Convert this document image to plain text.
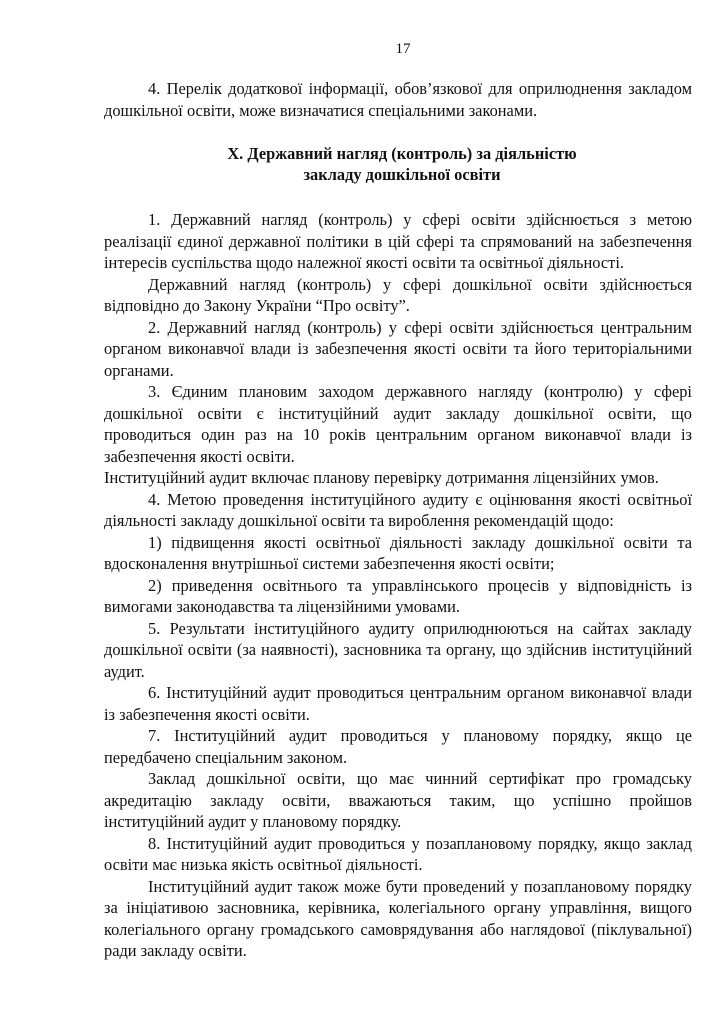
17

4. Перелік додаткової інформації, обов’язкової для оприлюднення закладом дошкільної освіти, може визначатися спеціальними законами.

X. Державний нагляд (контроль) за діяльністю
закладу дошкільної освіти

1. Державний нагляд (контроль) у сфері освіти здійснюється з метою реалізації єдиної державної політики в цій сфері та спрямований на забезпечення інтересів суспільства щодо належної якості освіти та освітньої діяльності.

Державний нагляд (контроль) у сфері дошкільної освіти здійснюється відповідно до Закону України “Про освіту”.

2. Державний нагляд (контроль) у сфері освіти здійснюється центральним органом виконавчої влади із забезпечення якості освіти та його територіальними органами.

3. Єдиним плановим заходом державного нагляду (контролю) у сфері дошкільної освіти є інституційний аудит закладу дошкільної освіти, що проводиться один раз на 10 років центральним органом виконавчої влади із забезпечення якості освіти.

Інституційний аудит включає планову перевірку дотримання ліцензійних умов.

4. Метою проведення інституційного аудиту є оцінювання якості освітньої діяльності закладу дошкільної освіти та вироблення рекомендацій щодо:

1) підвищення якості освітньої діяльності закладу дошкільної освіти та вдосконалення внутрішньої системи забезпечення якості освіти;

2) приведення освітнього та управлінського процесів у відповідність із вимогами законодавства та ліцензійними умовами.

5. Результати інституційного аудиту оприлюднюються на сайтах закладу дошкільної освіти (за наявності), засновника та органу, що здійснив інституційний аудит.

6. Інституційний аудит проводиться центральним органом виконавчої влади із забезпечення якості освіти.

7. Інституційний аудит проводиться у плановому порядку, якщо це передбачено спеціальним законом.

Заклад дошкільної освіти, що має чинний сертифікат про громадську акредитацію закладу освіти, вважаються таким, що успішно пройшов інституційний аудит у плановому порядку.

8. Інституційний аудит проводиться у позаплановому порядку, якщо заклад освіти має низька якість освітньої діяльності.

Інституційний аудит також може бути проведений у позаплановому порядку за ініціативою засновника, керівника, колегіального органу управління, вищого колегіального органу громадського самоврядування або наглядової (піклувальної) ради закладу освіти.
